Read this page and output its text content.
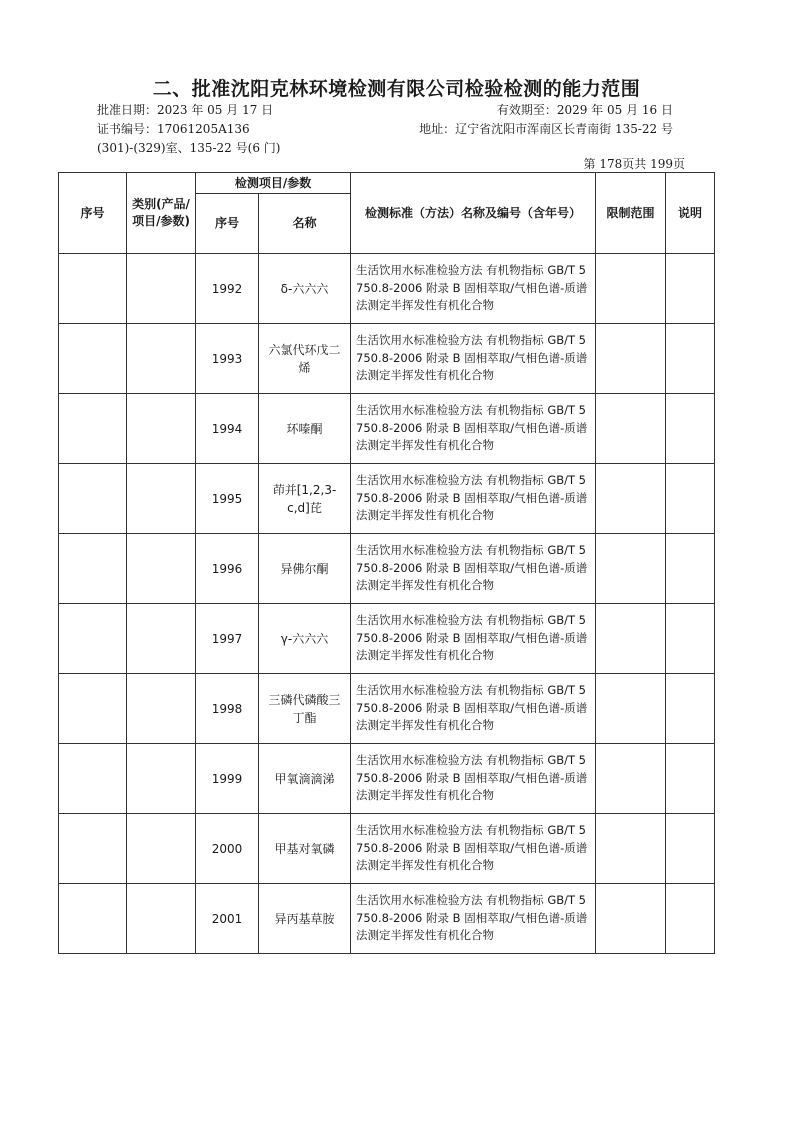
二、批准沈阳克林环境检测有限公司检验检测的能力范围
批准日期：2023 年 05 月 17 日	有效期至：2029 年 05 月 16 日
证书编号：17061205A136	地址：辽宁省沈阳市浑南区长青南街 135-22 号
(301)-(329)室、135-22 号(6 门)
第 178页共 199页
序号	类别(产品/项目/参数)	检测项目/参数		检测标准（方法）名称及编号（含年号）	限制范围	说明
		序号	名称			
		1992	δ-六六六	生活饮用水标准检验方法 有机物指标 GB/T 5750.8-2006 附录 B 固相萃取/气相色谱-质谱法测定半挥发性有机化合物		
		1993	六氯代环戊二烯	生活饮用水标准检验方法 有机物指标 GB/T 5750.8-2006 附录 B 固相萃取/气相色谱-质谱法测定半挥发性有机化合物		
		1994	环嗪酮	生活饮用水标准检验方法 有机物指标 GB/T 5750.8-2006 附录 B 固相萃取/气相色谱-质谱法测定半挥发性有机化合物		
		1995	茚并[1,2,3-c,d]芘	生活饮用水标准检验方法 有机物指标 GB/T 5750.8-2006 附录 B 固相萃取/气相色谱-质谱法测定半挥发性有机化合物		
		1996	异佛尔酮	生活饮用水标准检验方法 有机物指标 GB/T 5750.8-2006 附录 B 固相萃取/气相色谱-质谱法测定半挥发性有机化合物		
		1997	γ-六六六	生活饮用水标准检验方法 有机物指标 GB/T 5750.8-2006 附录 B 固相萃取/气相色谱-质谱法测定半挥发性有机化合物		
		1998	三磷代磷酸三丁酯	生活饮用水标准检验方法 有机物指标 GB/T 5750.8-2006 附录 B 固相萃取/气相色谱-质谱法测定半挥发性有机化合物		
		1999	甲氧滴滴涕	生活饮用水标准检验方法 有机物指标 GB/T 5750.8-2006 附录 B 固相萃取/气相色谱-质谱法测定半挥发性有机化合物		
		2000	甲基对氧磷	生活饮用水标准检验方法 有机物指标 GB/T 5750.8-2006 附录 B 固相萃取/气相色谱-质谱法测定半挥发性有机化合物		
		2001	异丙基草胺	生活饮用水标准检验方法 有机物指标 GB/T 5750.8-2006 附录 B 固相萃取/气相色谱-质谱法测定半挥发性有机化合物		
